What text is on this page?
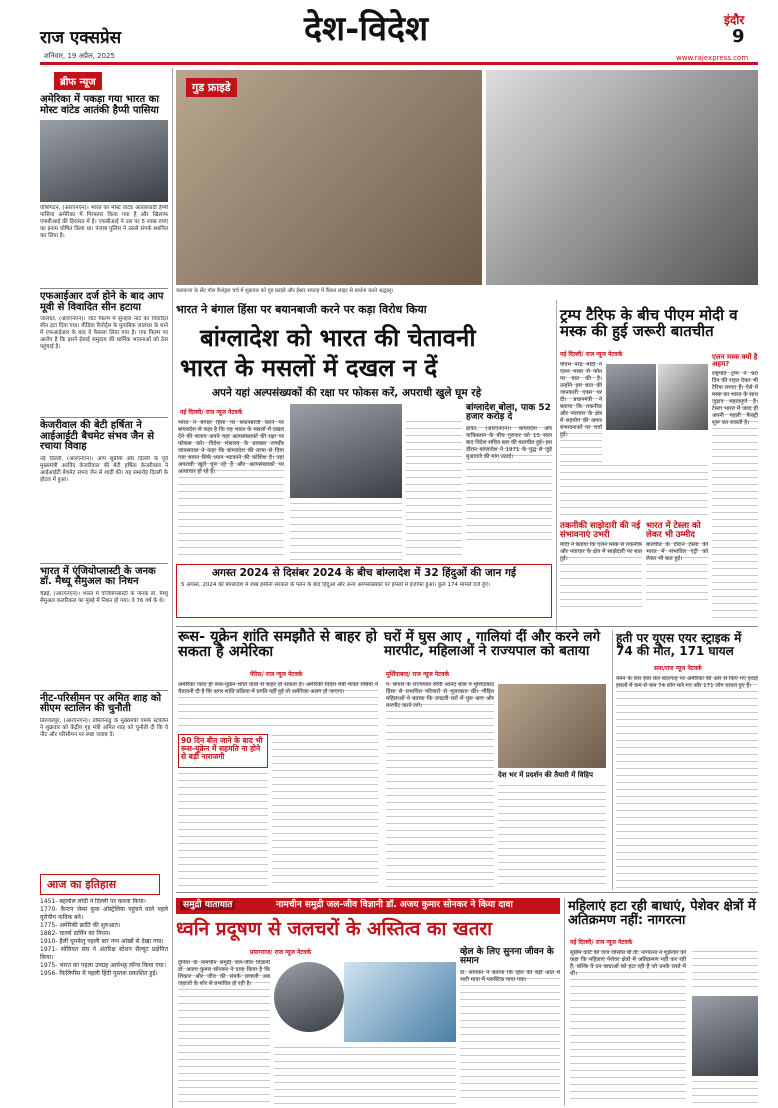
राज एक्सप्रेस
शनिवार, 19 अप्रैल, 2025
देश-विदेश	इंदौर
9
www.rajexpress.com
ब्रीफ न्यूज
अमेरिका में पकड़ा गया भारत का मोस्ट वांटेड आतंकी हैप्पी पासिया
वॉशिंगटन, (आरएनएन)। भारत का मोस्ट वांटेड आतंकवादी हैप्पी पासिया अमेरिका में गिरफ्तार किया गया है और खिलाफ एफबीआई की हिरासत में है। एफबीआई ने उस पर 5 लाख रुपए का इनाम घोषित किया था। पंजाब पुलिस ने उससे संपर्क स्थापित कर लिया है।
एफआईआर दर्ज होने के बाद आप मूवी से विवादित सीन हटाया
जालंधर, (आरएनएन)। जाट फिल्म में सुनहरा नाट का विवादित सीन हटा दिया गया। मीडिया रिपोर्ट्स के मुताबिक जालंधर के थाने में एफआईआर के बाद ये फैसला लिया गया है। एफ फिल्म पर आरोप है कि इसने ईसाई समुदाय की धार्मिक भावनाओं को ठेस पहुंचाई है।
केजरीवाल की बेटी हर्षिता ने आईआईटी बैचमेट संभव जैन से रचाया विवाह
नई दिल्ली, (आरएनएन)। आप सुप्रीमो और दिल्ली के पूर्व मुख्यमंत्री अरविंद केजरीवाल की बेटी हर्षिता केजरीवाल ने आईआईटी बैचमेट संभव जैन से शादी की। यह समारोह दिल्ली के होटल में हुआ।
भारत में एंजियोप्लास्टी के जनक डॉ. मैथ्यू सैमुअल का निधन
चेन्नई, (आरएनएन)। भारत में एंजियोप्लास्टी के जनक डॉ. मैथ्यू सैमुअल कलरिकल का मुंबई में निधन हो गया। वे 76 वर्ष के थे।
नीट-परिसीमन पर अमित शाह को सीएम स्टालिन की चुनौती
तिरुवल्लूर, (आरएनएन)। तमिलनाडु के मुख्यमंत्री एमके स्टालिन ने शुक्रवार को केंद्रीय गृह मंत्री अमित शाह को चुनौती दी कि वे नीट और परिसीमन पर स्पष्ट जवाब दें।
आज का इतिहास
1451- बहलोल लोदी ने दिल्ली पर कब्जा किया।
1770- कैप्टन जेम्स कुक ऑस्ट्रेलिया पहुंचने वाले पहले यूरोपीय नाविक बने।
1775- अमेरिकी क्रांति की शुरुआत।
1882- चार्ल्स डार्विन का निधन।
1910- हैली धूमकेतु पहली बार नग्न आंखों से देखा गया।
1971- सोवियत संघ ने अंतरिक्ष स्टेशन सैल्यूट प्रक्षेपित किया।
1975- भारत का पहला उपग्रह आर्यभट्ट लॉन्च किया गया।
1956- फिलिपींस में पहली हिंदी पुस्तक प्रकाशित हुई।
गुड फ्राइडे
कलकत्ता के सेंट पॉल कैथेड्रल चर्च में शुक्रवार को गुड फ्राइडे और ईस्टर सप्ताह में कैंडल लाइट से प्रार्थना करते श्रद्धालु।
भारत ने बंगाल हिंसा पर बयानबाजी करने पर कड़ा विरोध किया
बांग्लादेश को भारत की चेतावनी
भारत के मसलों में दखल न दें
अपने यहां अल्पसंख्यकों की रक्षा पर फोकस करें, अपराधी खुले घूम रहे
नई दिल्ली/ राज न्यूज नेटवर्क
भारत ने बंगाल हिंसा पर बयानबाजी करने पर बांग्लादेश से कहा है कि वह भारत के मसलों में दखल देने की बजाय अपने यहां अल्पसंख्यकों की रक्षा पर फोकस करे। विदेश मंत्रालय के प्रवक्ता रणधीर जायसवाल ने कहा कि बांग्लादेश की तरफ से दिया गया बयान सिर्फ ध्यान भटकाने की कोशिश है। वहां अपराधी खुले घूम रहे हैं और अल्पसंख्यकों पर अत्याचार हो रहे हैं।
बांग्लादेश बोला, पाक 52 हजार करोड़ दे
ढाका, (आरएनएन)। बांग्लादेश और पाकिस्तान के बीच गुरुवार को 15 साल बाद विदेश सचिव स्तर की बातचीत हुई। इस दौरान बांग्लादेश ने 1971 के युद्ध से जुड़े मुआवजे की मांग उठाई।
अगस्त 2024 से दिसंबर 2024 के बीच बांग्लादेश में 32 हिंदुओं की जान गई
5 अगस्त, 2024 को बांग्लादेश में शेख हसीना सरकार के पतन के बाद हिंदुओं और अन्य अल्पसंख्यकों पर हमलों में इजाफा हुआ। कुल 174 मामले दर्ज हुए।
ट्रम्प टैरिफ के बीच पीएम मोदी व मस्क की हुई जरूरी बातचीत
नई दिल्ली/ राज न्यूज नेटवर्क
पीएम नरेंद्र मोदी ने एलन मस्क से फोन पर बात की है। उन्होंने इस बात की जानकारी एक्स पर दी। प्रधानमंत्री ने बताया कि तकनीक और नवाचार के क्षेत्र में सहयोग की अपार संभावनाओं पर चर्चा हुई।
एलन मस्क क्यों है अहम?
राष्ट्रपति ट्रम्प ने 90 दिन की राहत देकर भी टैरिफ लगाए हैं। ऐसे में मस्क का भारत के साथ जुड़ाव महत्वपूर्ण है। टेस्ला भारत में जल्द ही अपनी पहली फैक्ट्री शुरू कर सकती है।
तकनीकी साझेदारी की नई संभावनाएं उभरी
मोदी ने बताया कि एलन मस्क से तकनीक और नवाचार के क्षेत्र में साझेदारी पर बात हुई।
भारत में टेस्ला को लेकर भी उम्मीद
बातचीत के दौरान टेस्ला की भारत में संभावित एंट्री को लेकर भी बात हुई।
रूस- यूक्रेन शांति समझौते से बाहर हो सकता है अमेरिका
पेरिस/ राज न्यूज नेटवर्क
अमेरिका जल्द ही रूस-यूक्रेन शांति वार्ता से बाहर हो सकता है। अमेरिकी विदेश मंत्री मार्को रुबियो ने चेतावनी दी है कि अगर शांति प्रक्रिया में प्रगति नहीं हुई तो अमेरिका अलग हो जाएगा।
90 दिन बीत जाने के बाद भी रूस-यूक्रेन में सहमति ना होने से बड़ी नाराजगी
घरों में घुस आए , गालियां दीं और करने लगे मारपीट, महिलाओं ने राज्यपाल को बताया
मुर्शिदाबाद/ राज न्यूज नेटवर्क
प. बंगाल के राज्यपाल सीवी आनंद बोस ने मुर्शिदाबाद हिंसा से प्रभावित परिवारों से मुलाकात की। पीड़ित महिलाओं ने बताया कि उपद्रवी घरों में घुस आए और मारपीट करने लगे।
देश भर में प्रदर्शन की तैयारी में विहिप
हूती पर यूएस एयर स्ट्राइक में 74 की मौत, 171 घायल
सना/राज न्यूज नेटवर्क
यमन के रास ईसा तेल बंदरगाह पर अमेरिका की ओर से किए गए हवाई हमलों में कम से कम 74 लोग मारे गए और 171 लोग घायल हुए हैं।
समुद्री यातायात	नामचीन समुद्री जल-जीव विज्ञानी डॉ. अजय कुमार सोनकर ने किया दावा
ध्वनि प्रदूषण से जलचरों के अस्तित्व का खतरा
प्रयागराज/ राज न्यूज नेटवर्क
दुनिया के नामचीन समुद्री जल-जीव विज्ञानी डॉ. अजय कुमार सोनकर ने दावा किया है कि शिकार और जीव की संपर्क प्रणाली अब जहाजों के शोर से प्रभावित हो रही है।
व्हेल के लिए सुनना जीवन के समान
डॉ. सोनकर ने बताया कि व्हेल की बड़ी आंत में भारी मात्रा में प्लास्टिक पाया गया।
महिलाएं हटा रही बाधाएं, पेशेवर क्षेत्रों में अतिक्रमण नहीं: नागरत्ना
नई दिल्ली/ राज न्यूज नेटवर्क
सुप्रीम कोर्ट की जज जस्टिस बी.वी. नागरत्ना ने शुक्रवार को कहा कि महिलाएं पेशेवर क्षेत्रों में अतिक्रमण नहीं कर रही हैं, बल्कि वे उन बाधाओं को हटा रही हैं जो उनके रास्ते में थीं।
